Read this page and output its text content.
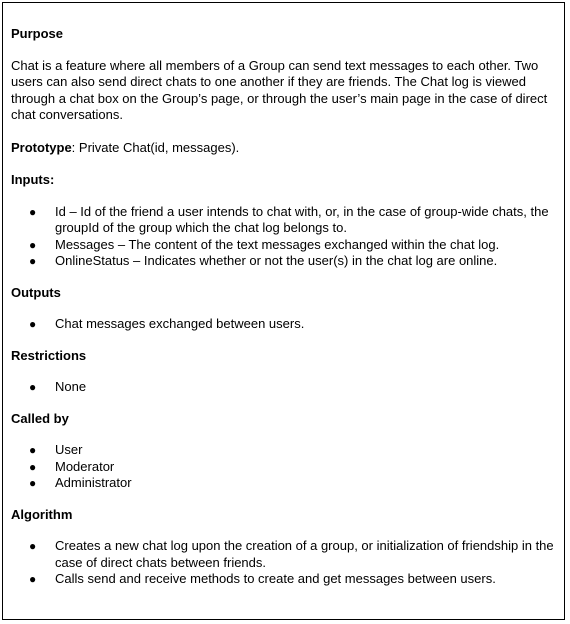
Purpose

Chat is a feature where all members of a Group can send text messages to each other. Two users can also send direct chats to one another if they are friends. The Chat log is viewed through a chat box on the Group’s page, or through the user’s main page in the case of direct chat conversations.

Prototype: Private Chat(id, messages).

Inputs:

● Id – Id of the friend a user intends to chat with, or, in the case of group-wide chats, the groupId of the group which the chat log belongs to.
● Messages – The content of the text messages exchanged within the chat log.
● OnlineStatus – Indicates whether or not the user(s) in the chat log are online.

Outputs

● Chat messages exchanged between users.

Restrictions

● None

Called by

● User
● Moderator
● Administrator

Algorithm

● Creates a new chat log upon the creation of a group, or initialization of friendship in the case of direct chats between friends.
● Calls send and receive methods to create and get messages between users.
